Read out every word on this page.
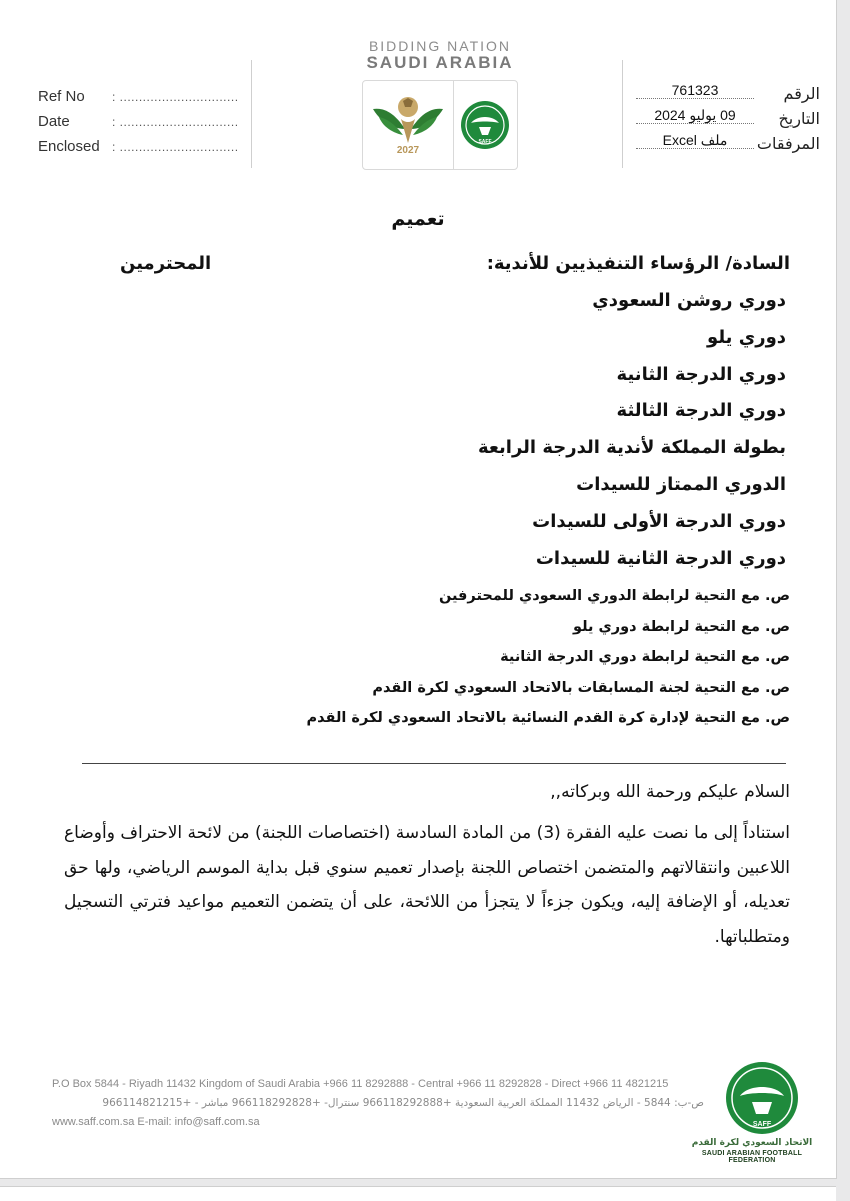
Ref No	: ...............................
Date	: ...............................
Enclosed	: ...............................
BIDDING NATION
SAUDI ARABIA
2027
SAFF
الرقم
761323
التاريخ
09 يوليو 2024
المرفقات
ملف Excel
تعميم
السادة/ الرؤساء التنفيذيين للأندية:
المحترمين
دوري روشن السعودي
دوري يلو
دوري الدرجة الثانية
دوري الدرجة الثالثة
بطولة المملكة لأندية الدرجة الرابعة
الدوري الممتاز للسيدات
دوري الدرجة الأولى للسيدات
دوري الدرجة الثانية للسيدات
ص. مع التحية لرابطة الدوري السعودي للمحترفين
ص. مع التحية لرابطة دوري يلو
ص. مع التحية لرابطة دوري الدرجة الثانية
ص. مع التحية لجنة المسابقات بالاتحاد السعودي لكرة القدم
ص. مع التحية لإدارة كرة القدم النسائية بالاتحاد السعودي لكرة القدم
السلام عليكم ورحمة الله وبركاته,,
استناداً إلى ما نصت عليه الفقرة (3) من المادة السادسة (اختصاصات اللجنة) من لائحة الاحتراف وأوضاع اللاعبين وانتقالاتهم والمتضمن اختصاص اللجنة بإصدار تعميم سنوي قبل بداية الموسم الرياضي، ولها حق تعديله، أو الإضافة إليه، ويكون جزءاً لا يتجزأ من اللائحة، على أن يتضمن التعميم مواعيد فترتي التسجيل ومتطلباتها.
P.O Box 5844 - Riyadh 11432 Kingdom of Saudi Arabia +966 11 8292888 - Central +966 11 8292828 - Direct +966 11 4821215
ص-ب: 5844 - الرياض 11432 المملكة العربية السعودية +966118292888 سنترال- +966118292828 مباشر - +966114821215
www.saff.com.sa E-mail: info@saff.com.sa	SAFF
الاتحاد السعودي لكرة القدم
SAUDI ARABIAN FOOTBALL FEDERATION
